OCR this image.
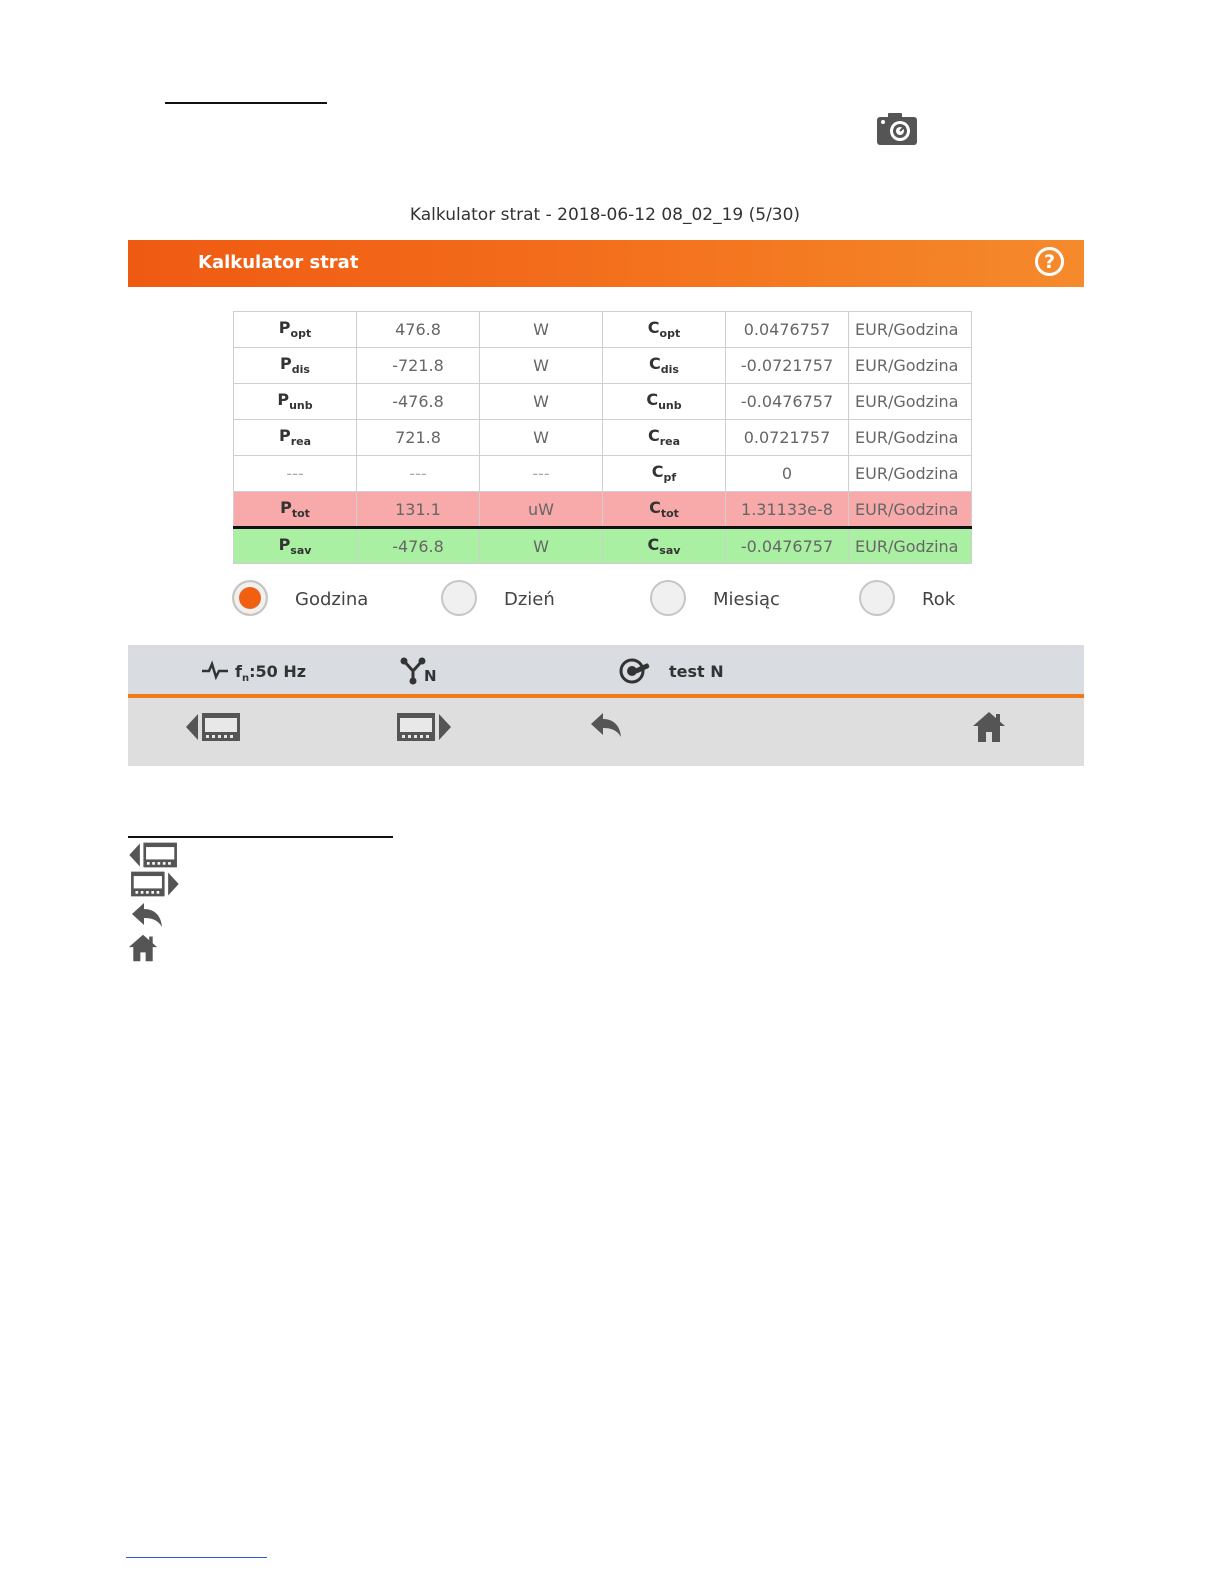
Kalkulator strat - 2018-06-12 08_02_19 (5/30)
Kalkulator strat	?
$P_{opt}$	476.8	W	$C_{opt}$	0.0476757	EUR/Godzina
$P_{dis}$	-721.8	W	$C_{dis}$	-0.0721757	EUR/Godzina
$P_{unb}$	-476.8	W	$C_{unb}$	-0.0476757	EUR/Godzina
$P_{rea}$	721.8	W	$C_{rea}$	0.0721757	EUR/Godzina
---	---	---	$C_{pf}$	0	EUR/Godzina
$P_{tot}$	131.1	uW	$C_{tot}$	1.31133e-8	EUR/Godzina
$P_{sav}$	-476.8	W	$C_{sav}$	-0.0476757	EUR/Godzina
Godzina	Dzień	Miesiąc	Rok
$f_n:50$ Hz	N	test N
